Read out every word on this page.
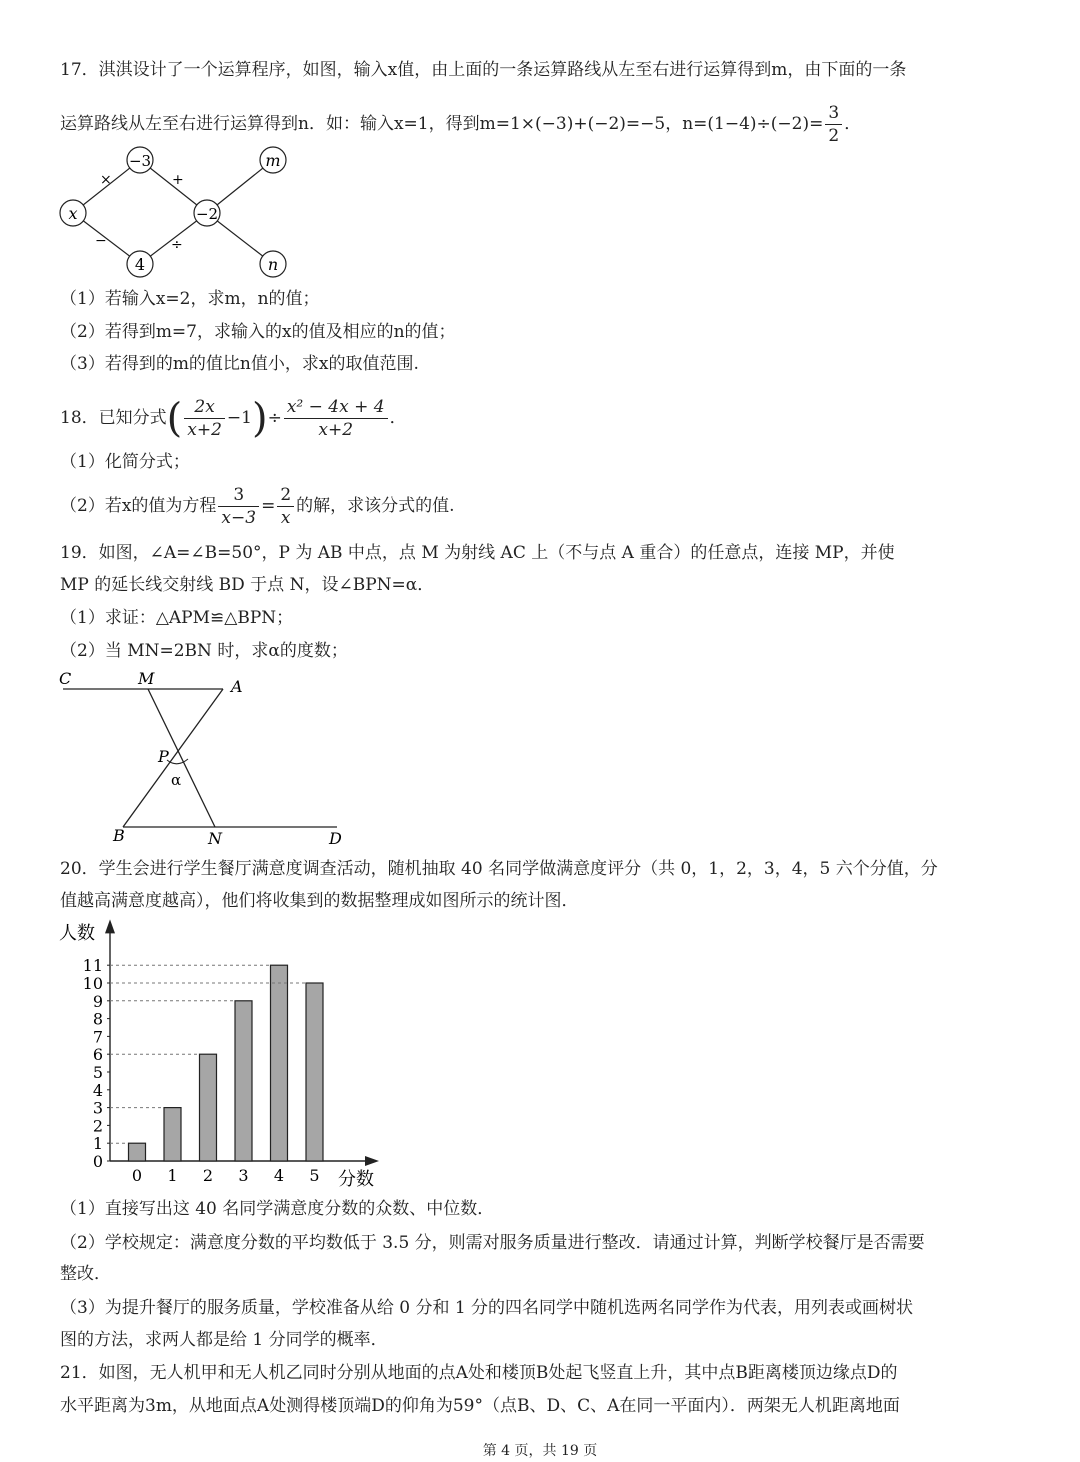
17．淇淇设计了一个运算程序，如图，输入x值，由上面的一条运算路线从左至右进行运算得到m，由下面的一条
运算路线从左至右进行运算得到n．如：输入x=1，得到m=1×(−3)+(−2)=−5，$n=(1-4)\div(-2)= \frac{3}{2}$ ．
x
−3
−2
4
m
n
×	+
−	÷
（1）若输入x=2，求m，n的值；
（2）若得到m=7，求输入的x的值及相应的n的值；
（3）若得到的m的值比n值小，求x的取值范围.
18．已知分式( $\frac{2x}{x+2} -1)\div \frac{\text{x² − 4x + 4}}{x+2}$ ．
（1）化简分式；
（2）若x的值为方程 $\frac{3}{x-3} = \frac{2}{x}$ 的解，求该分式的值.
19．如图，∠A=∠B=50°，P 为 AB 中点，点 M 为射线 AC 上（不与点 A 重合）的任意点，连接 MP，并使
MP 的延长线交射线 BD 于点 N，设∠BPN=α．
（1）求证：△APM≌△BPN；
（2）当 MN=2BN 时，求α的度数；
C	M	A
P
α
B	N	D
20．学生会进行学生餐厅满意度调查活动，随机抽取 40 名同学做满意度评分（共 0，1，2，3，4，5 六个分值，分
值越高满意度越高），他们将收集到的数据整理成如图所示的统计图．
0
1
2
3
4
5
6
7
8
9
10
11
0 1 2 3 4 5
人数
分数
（1）直接写出这 40 名同学满意度分数的众数、中位数．
（2）学校规定：满意度分数的平均数低于 3.5 分，则需对服务质量进行整改．请通过计算，判断学校餐厅是否需要
整改．
（3）为提升餐厅的服务质量，学校准备从给 0 分和 1 分的四名同学中随机选两名同学作为代表，用列表或画树状
图的方法，求两人都是给 1 分同学的概率．
21．如图，无人机甲和无人机乙同时分别从地面的点A处和楼顶B处起飞竖直上升，其中点B距离楼顶边缘点D的
水平距离为3m，从地面点A处测得楼顶端D的仰角为59°（点B、D、C、A在同一平面内）．两架无人机距离地面
第 4 页，共 19 页
